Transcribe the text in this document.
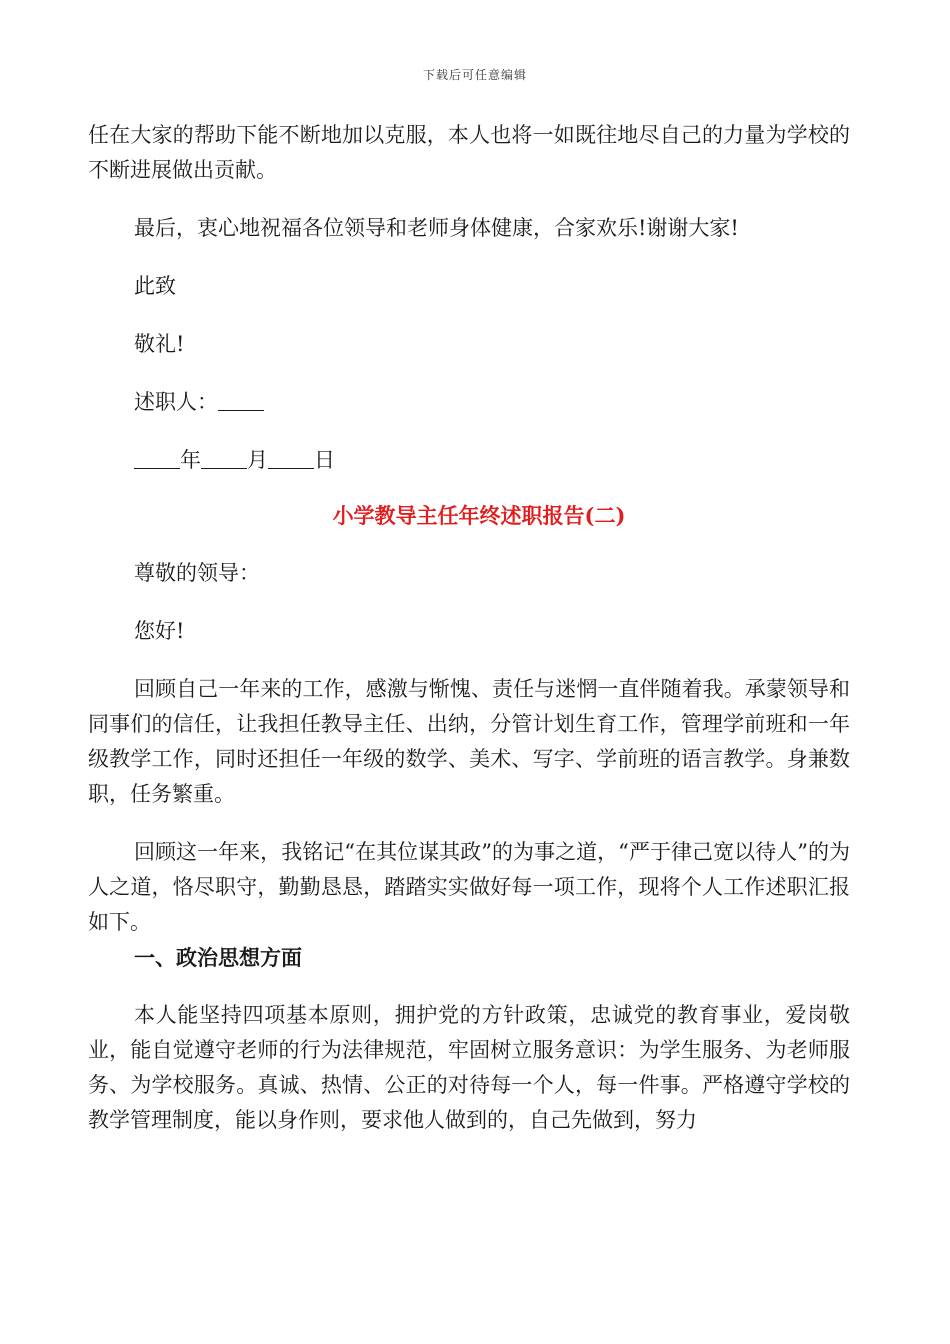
下载后可任意编辑

任在大家的帮助下能不断地加以克服，本人也将一如既往地尽自己的力量为学校的不断进展做出贡献。

最后，衷心地祝福各位领导和老师身体健康，合家欢乐!谢谢大家!

此致

敬礼!

述职人：

年 月 日

小学教导主任年终述职报告(二)

尊敬的领导：

您好!

回顾自己一年来的工作，感激与惭愧、责任与迷惘一直伴随着我。承蒙领导和同事们的信任，让我担任教导主任、出纳，分管计划生育工作，管理学前班和一年级教学工作，同时还担任一年级的数学、美术、写字、学前班的语言教学。身兼数职，任务繁重。

回顾这一年来，我铭记“在其位谋其政”的为事之道，“严于律己宽以待人”的为人之道，恪尽职守，勤勤恳恳，踏踏实实做好每一项工作，现将个人工作述职汇报如下。

一、政治思想方面

本人能坚持四项基本原则，拥护党的方针政策，忠诚党的教育事业，爱岗敬业，能自觉遵守老师的行为法律规范，牢固树立服务意识：为学生服务、为老师服务、为学校服务。真诚、热情、公正的对待每一个人，每一件事。严格遵守学校的教学管理制度，能以身作则，要求他人做到的，自己先做到，努力
